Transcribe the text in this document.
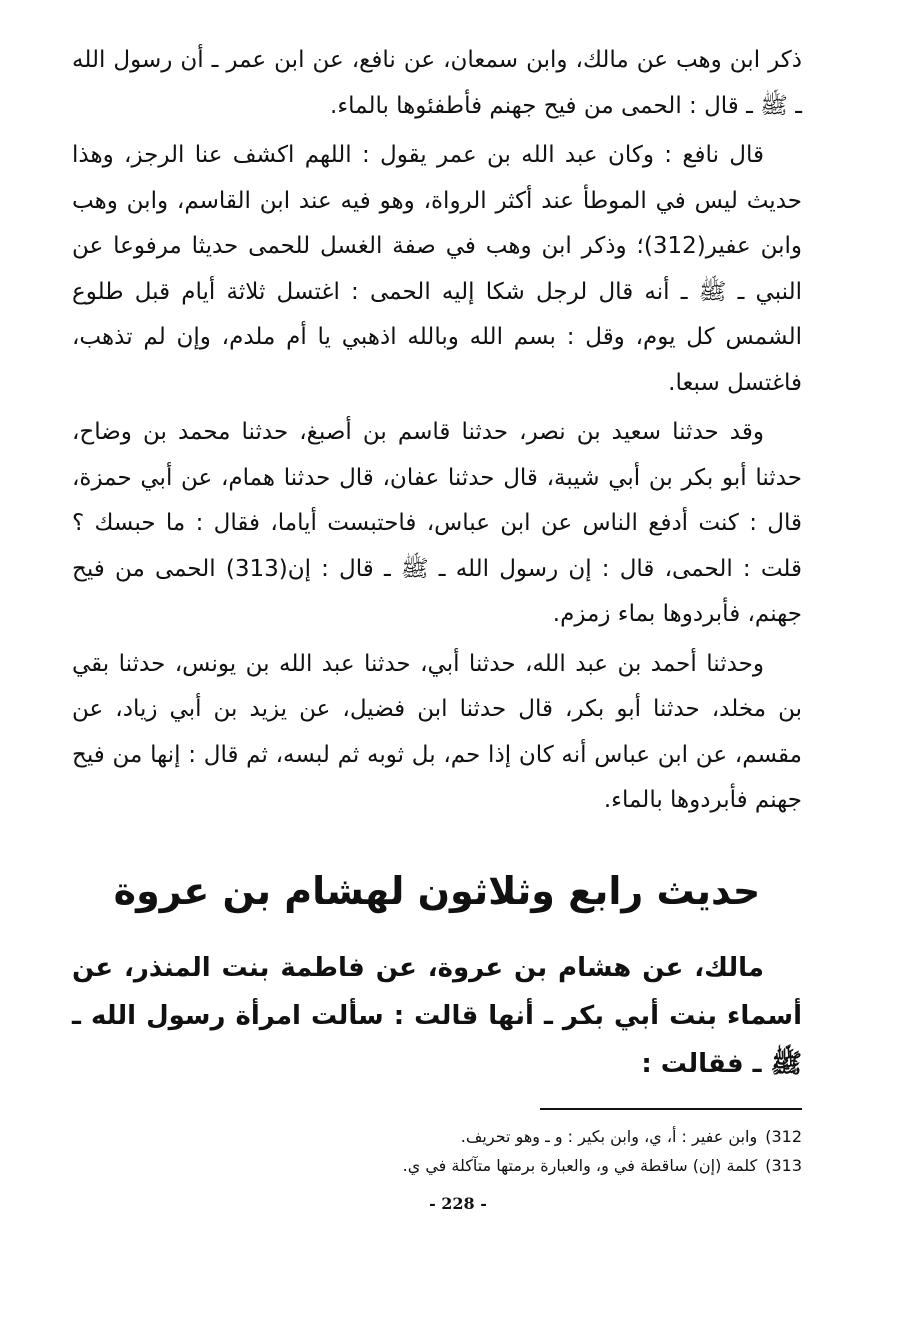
ذكر ابن وهب عن مالك، وابن سمعان، عن نافع، عن ابن عمر ـ أن رسول الله ـ ﷺ ـ قال : الحمى من فيح جهنم فأطفئوها بالماء.

قال نافع : وكان عبد الله بن عمر يقول : اللهم اكشف عنا الرجز، وهذا حديث ليس في الموطأ عند أكثر الرواة، وهو فيه عند ابن القاسم، وابن وهب وابن عفير(312)؛ وذكر ابن وهب في صفة الغسل للحمى حديثا مرفوعا عن النبي ـ ﷺ ـ أنه قال لرجل شكا إليه الحمى : اغتسل ثلاثة أيام قبل طلوع الشمس كل يوم، وقل : بسم الله وبالله اذهبي يا أم ملدم، وإن لم تذهب، فاغتسل سبعا.

وقد حدثنا سعيد بن نصر، حدثنا قاسم بن أصبغ، حدثنا محمد بن وضاح، حدثنا أبو بكر بن أبي شيبة، قال حدثنا عفان، قال حدثنا همام، عن أبي حمزة، قال : كنت أدفع الناس عن ابن عباس، فاحتبست أياما، فقال : ما حبسك ؟ قلت : الحمى، قال : إن رسول الله ـ ﷺ ـ قال : إن(313) الحمى من فيح جهنم، فأبردوها بماء زمزم.

وحدثنا أحمد بن عبد الله، حدثنا أبي، حدثنا عبد الله بن يونس، حدثنا بقي بن مخلد، حدثنا أبو بكر، قال حدثنا ابن فضيل، عن يزيد بن أبي زياد، عن مقسم، عن ابن عباس أنه كان إذا حم، بل ثوبه ثم لبسه، ثم قال : إنها من فيح جهنم فأبردوها بالماء.

حديث رابع وثلاثون لهشام بن عروة

مالك، عن هشام بن عروة، عن فاطمة بنت المنذر، عن أسماء بنت أبي بكر ـ أنها قالت : سألت امرأة رسول الله ـ ﷺ ـ فقالت :

312)وابن عفير : أ، ي، وابن بكير : و ـ وهو تحريف.

313)كلمة (إن) ساقطة في و، والعبارة برمتها متآكلة في ي.

- 228 -
